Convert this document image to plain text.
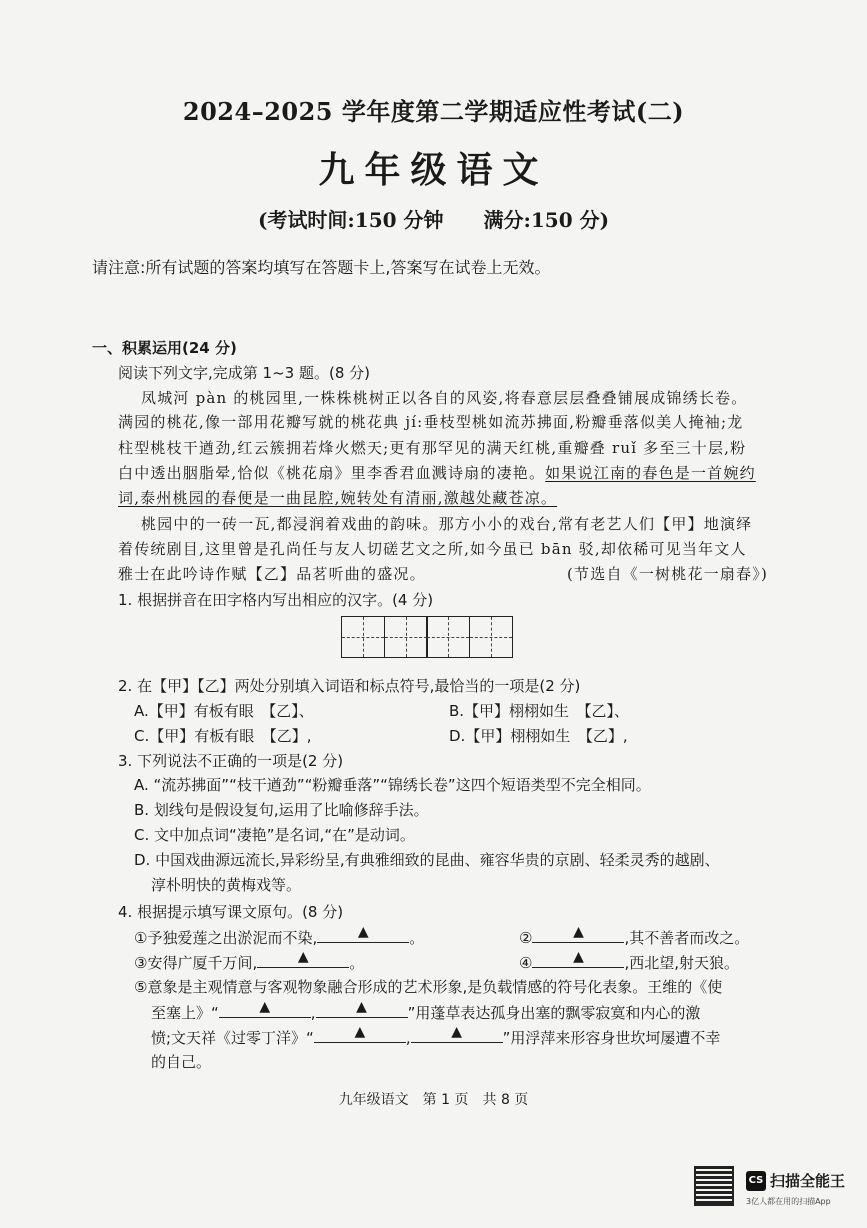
2024–2025 学年度第二学期适应性考试(二)
九年级语文
(考试时间:150 分钟　　满分:150 分)
请注意:所有试题的答案均填写在答题卡上,答案写在试卷上无效。
一、积累运用(24 分)
阅读下列文字,完成第 1~3 题。(8 分)
凤城河 pàn 的桃园里,一株株桃树正以各自的风姿,将春意层层叠叠铺展成锦绣长卷。
满园的桃花,像一部用花瓣写就的桃花典 jí:垂枝型桃如流苏拂面,粉瓣垂落似美人掩袖;龙
柱型桃枝干遒劲,红云簇拥若烽火燃天;更有那罕见的满天红桃,重瓣叠 ruǐ 多至三十层,粉
白中透出胭脂晕,恰似《桃花扇》里李香君血溅诗扇的凄艳。如果说江南的春色是一首婉约
词,泰州桃园的春便是一曲昆腔,婉转处有清丽,激越处藏苍凉。
桃园中的一砖一瓦,都浸润着戏曲的韵味。那方小小的戏台,常有老艺人们【甲】地演绎
着传统剧目,这里曾是孔尚任与友人切磋艺文之所,如今虽已 bān 驳,却依稀可见当年文人
雅士在此吟诗作赋【乙】品茗听曲的盛况。	(节选自《一树桃花一扇春》)
1. 根据拼音在田字格内写出相应的汉字。(4 分)
2. 在【甲】【乙】两处分别填入词语和标点符号,最恰当的一项是(2 分)
A.【甲】有板有眼　【乙】、	B.【甲】栩栩如生　【乙】、
C.【甲】有板有眼　【乙】,	D.【甲】栩栩如生　【乙】,
3. 下列说法不正确的一项是(2 分)
A. “流苏拂面”“枝干遒劲”“粉瓣垂落”“锦绣长卷”这四个短语类型不完全相同。
B. 划线句是假设复句,运用了比喻修辞手法。
C. 文中加点词“凄艳”是名词,“在”是动词。
D. 中国戏曲源远流长,异彩纷呈,有典雅细致的昆曲、雍容华贵的京剧、轻柔灵秀的越剧、
淳朴明快的黄梅戏等。
4. 根据提示填写课文原句。(8 分)
①予独爱莲之出淤泥而不染,	▲	。	②	▲	,其不善者而改之。
③安得广厦千万间,	▲	。	④	▲	,西北望,射天狼。
⑤意象是主观情意与客观物象融合形成的艺术形象,是负载情感的符号化表象。王维的《使
至塞上》“	▲	,	▲	”用蓬草表达孤身出塞的飘零寂寞和内心的激
愤;文天祥《过零丁洋》“	▲	,	▲	”用浮萍来形容身世坎坷屡遭不幸
的自己。
九年级语文　第 1 页　共 8 页
CS 扫描全能王
3亿人都在用的扫描App
